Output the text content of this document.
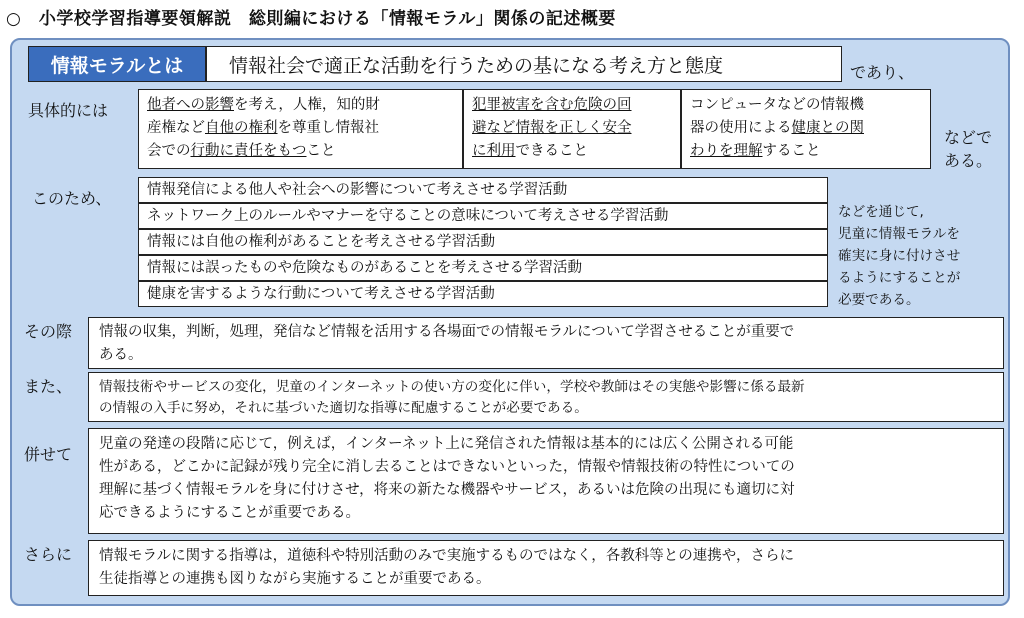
○　小学校学習指導要領解説　総則編における「情報モラル」関係の記述概要
情報モラルとは 情報社会で適正な活動を行うための基になる考え方と態度	であり、
具体的には	他者への影響を考え，人権，知的財
産権など自他の権利を尊重し情報社
会での行動に責任をもつこと
犯罪被害を含む危険の回
避など情報を正しく安全
に利用できること
コンピュータなどの情報機
器の使用による健康との関
わりを理解すること
などで
ある。
このため、	情報発信による他人や社会への影響について考えさせる学習活動
ネットワーク上のルールやマナーを守ることの意味について考えさせる学習活動
情報には自他の権利があることを考えさせる学習活動
情報には誤ったものや危険なものがあることを考えさせる学習活動
健康を害するような行動について考えさせる学習活動
などを通じて,
児童に情報モラルを
確実に身に付けさせ
るようにすることが
必要である。
その際 情報の収集，判断，処理，発信など情報を活用する各場面での情報モラルについて学習させることが重要で
ある。
また、 情報技術やサービスの変化，児童のインターネットの使い方の変化に伴い，学校や教師はその実態や影響に係る最新
の情報の入手に努め，それに基づいた適切な指導に配慮することが必要である。
併せて
児童の発達の段階に応じて，例えば，インターネット上に発信された情報は基本的には広く公開される可能
性がある，どこかに記録が残り完全に消し去ることはできないといった，情報や情報技術の特性についての
理解に基づく情報モラルを身に付けさせ，将来の新たな機器やサービス，あるいは危険の出現にも適切に対
応できるようにすることが重要である。
さらに 情報モラルに関する指導は，道徳科や特別活動のみで実施するものではなく，各教科等との連携や，さらに
生徒指導との連携も図りながら実施することが重要である。
